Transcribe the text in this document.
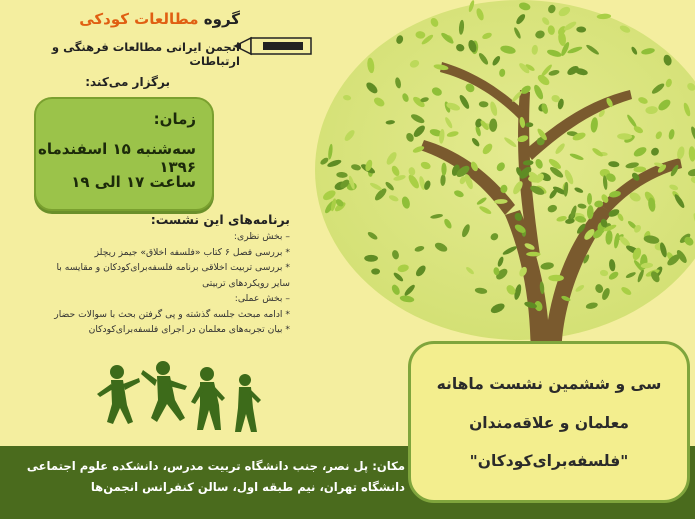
گروه مطالعات کودکی
انجمن ایرانی مطالعات فرهنگی و ارتباطات
برگزار می‌کند:
زمان:
سه‌شنبه ۱۵ اسفندماه ۱۳۹۶
ساعت ۱۷ الی ۱۹
برنامه‌های این نشست:
– بخش نظری:
* بررسی فصل ۶ کتاب «فلسفه اخلاق» جیمز ریچلز
* بررسی تربیت اخلاقی برنامه فلسفه‌برای‌کودکان و مقایسه با
سایر رویکردهای تربیتی
– بخش عملی:
* ادامه مبحث جلسه گذشته و پی گرفتن بحث با سوالات حضار
* بیان تجربه‌های معلمان در اجرای فلسفه‌برای‌کودکان
مکان: پل نصر، جنب دانشگاه تربیت مدرس، دانشکده علوم اجتماعی
دانشگاه تهران، نیم طبقه اول، سالن کنفرانس انجمن‌ها
سی و ششمین نشست ماهانه
معلمان و علاقه‌مندان
"فلسفه‌برای‌کودکان"
